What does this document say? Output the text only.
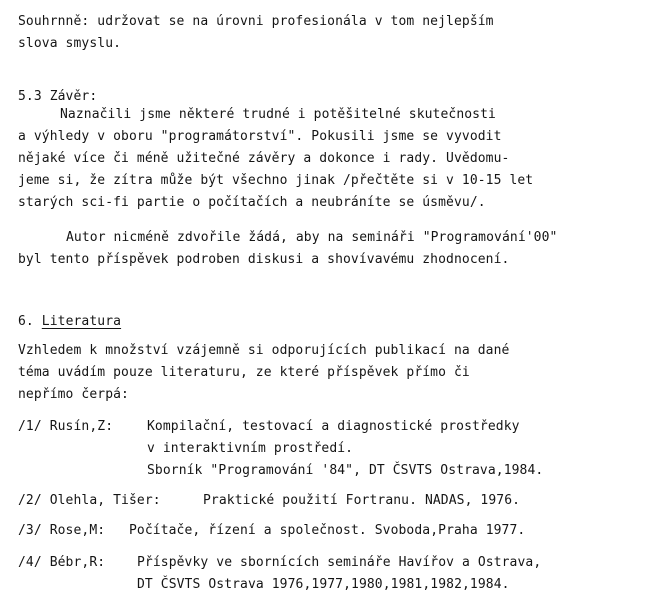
Souhrnně: udržovat se na úrovni profesionála v tom nejlepším
slova smyslu.
5.3 Závěr:
Naznačili jsme některé trudné i potěšitelné skutečnosti
a výhledy v oboru "programátorství". Pokusili jsme se vyvodit
nějaké více či méně užitečné závěry a dokonce i rady. Uvědomu-
jeme si, že zítra může být všechno jinak /přečtěte si v 10-15 let
starých sci-fi partie o počítačích a neubráníte se úsměvu/.
Autor nicméně zdvořile žádá, aby na semináři "Programování'00"
byl tento příspěvek podroben diskusi a shovívavému zhodnocení.
6. Literatura
Vzhledem k množství vzájemně si odporujících publikací na dané
téma uvádím pouze literaturu, ze které příspěvek přímo či
nepřímo čerpá:
/1/ Rusín,Z:	Kompilační, testovací a diagnostické prostředky
v interaktivním prostředí.
Sborník "Programování '84", DT ČSVTS Ostrava,1984.
/2/ Olehla, Tišer:	Praktické použití Fortranu. NADAS, 1976.
/3/ Rose,M: Počítače, řízení a společnost. Svoboda,Praha 1977.
/4/ Bébr,R: Příspěvky ve sbornících semináře Havířov a Ostrava,
DT ČSVTS Ostrava 1976,1977,1980,1981,1982,1984.
